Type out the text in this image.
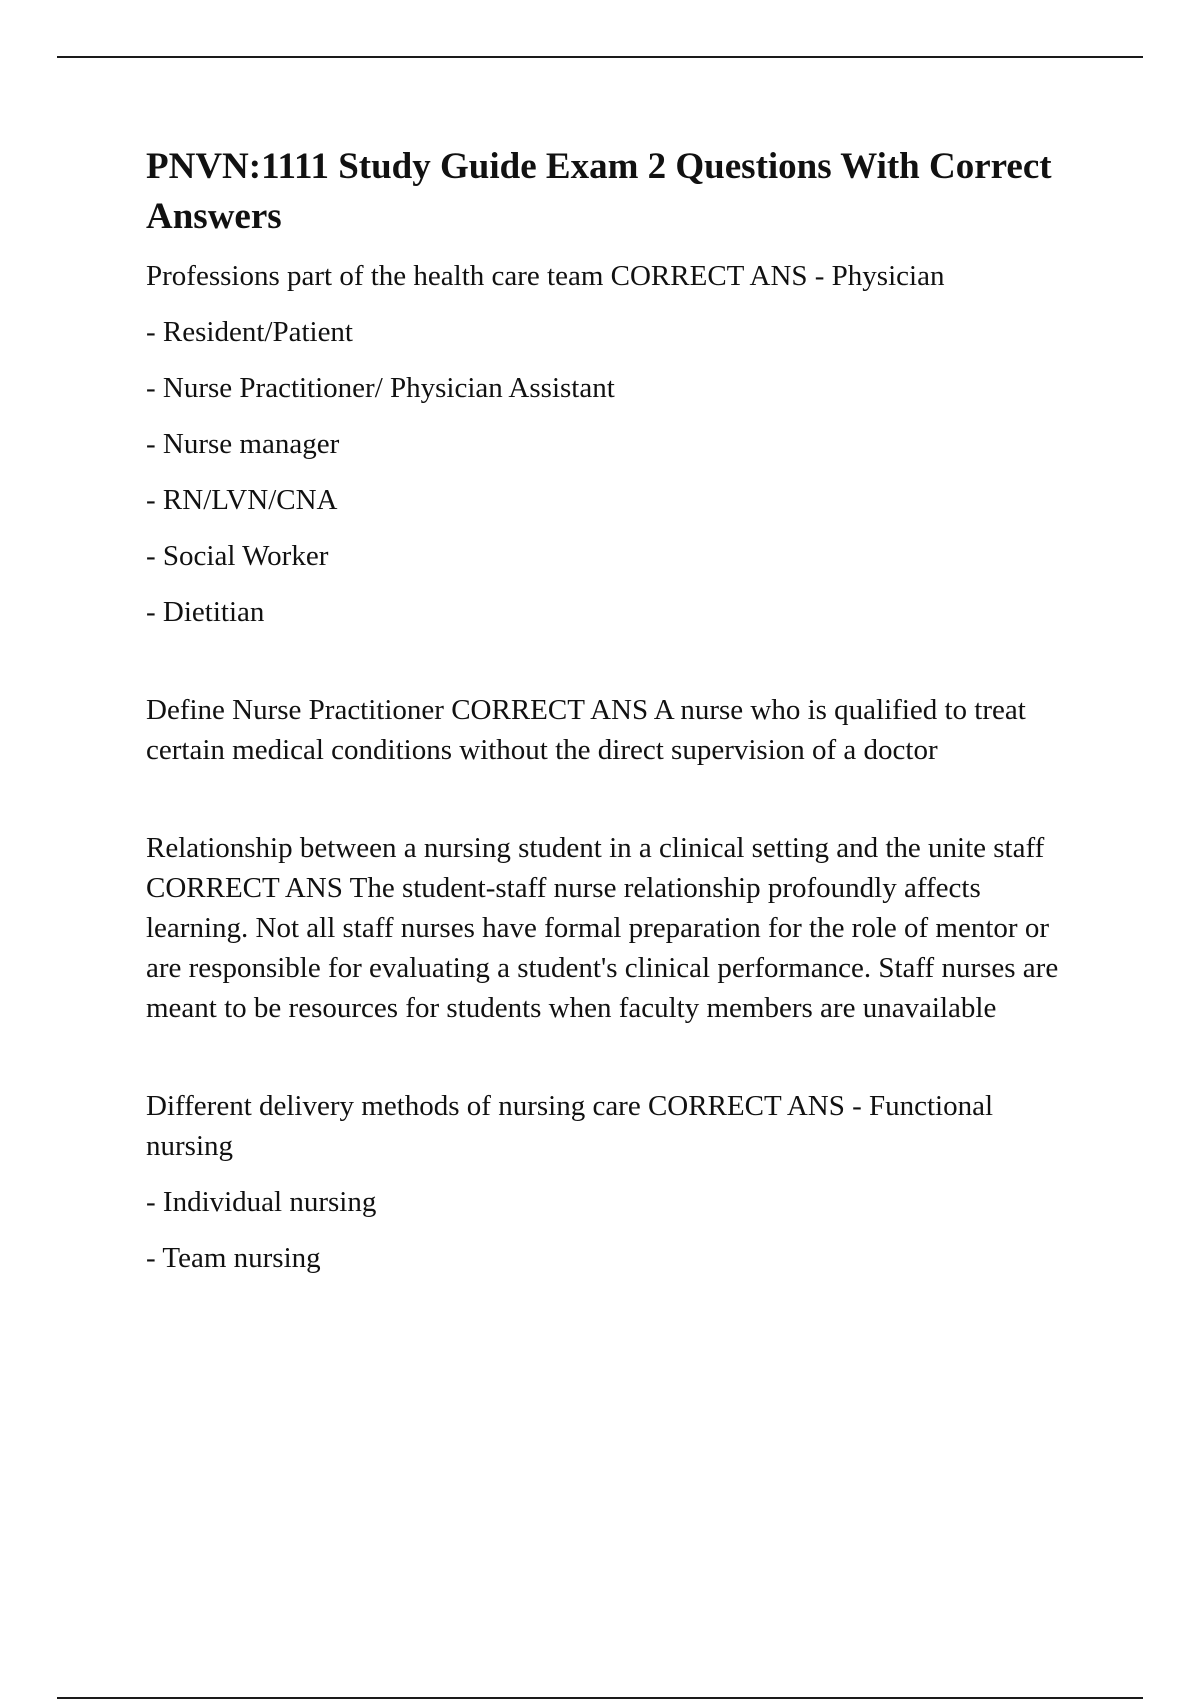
PNVN:1111 Study Guide Exam 2 Questions With Correct Answers

Professions part of the health care team CORRECT ANS - Physician

- Resident/Patient

- Nurse Practitioner/ Physician Assistant

- Nurse manager

- RN/LVN/CNA

- Social Worker

- Dietitian

Define Nurse Practitioner CORRECT ANS A nurse who is qualified to treat certain medical conditions without the direct supervision of a doctor

Relationship between a nursing student in a clinical setting and the unite staff CORRECT ANS The student-staff nurse relationship profoundly affects learning. Not all staff nurses have formal preparation for the role of mentor or are responsible for evaluating a student's clinical performance. Staff nurses are meant to be resources for students when faculty members are unavailable

Different delivery methods of nursing care CORRECT ANS - Functional nursing

- Individual nursing

- Team nursing
